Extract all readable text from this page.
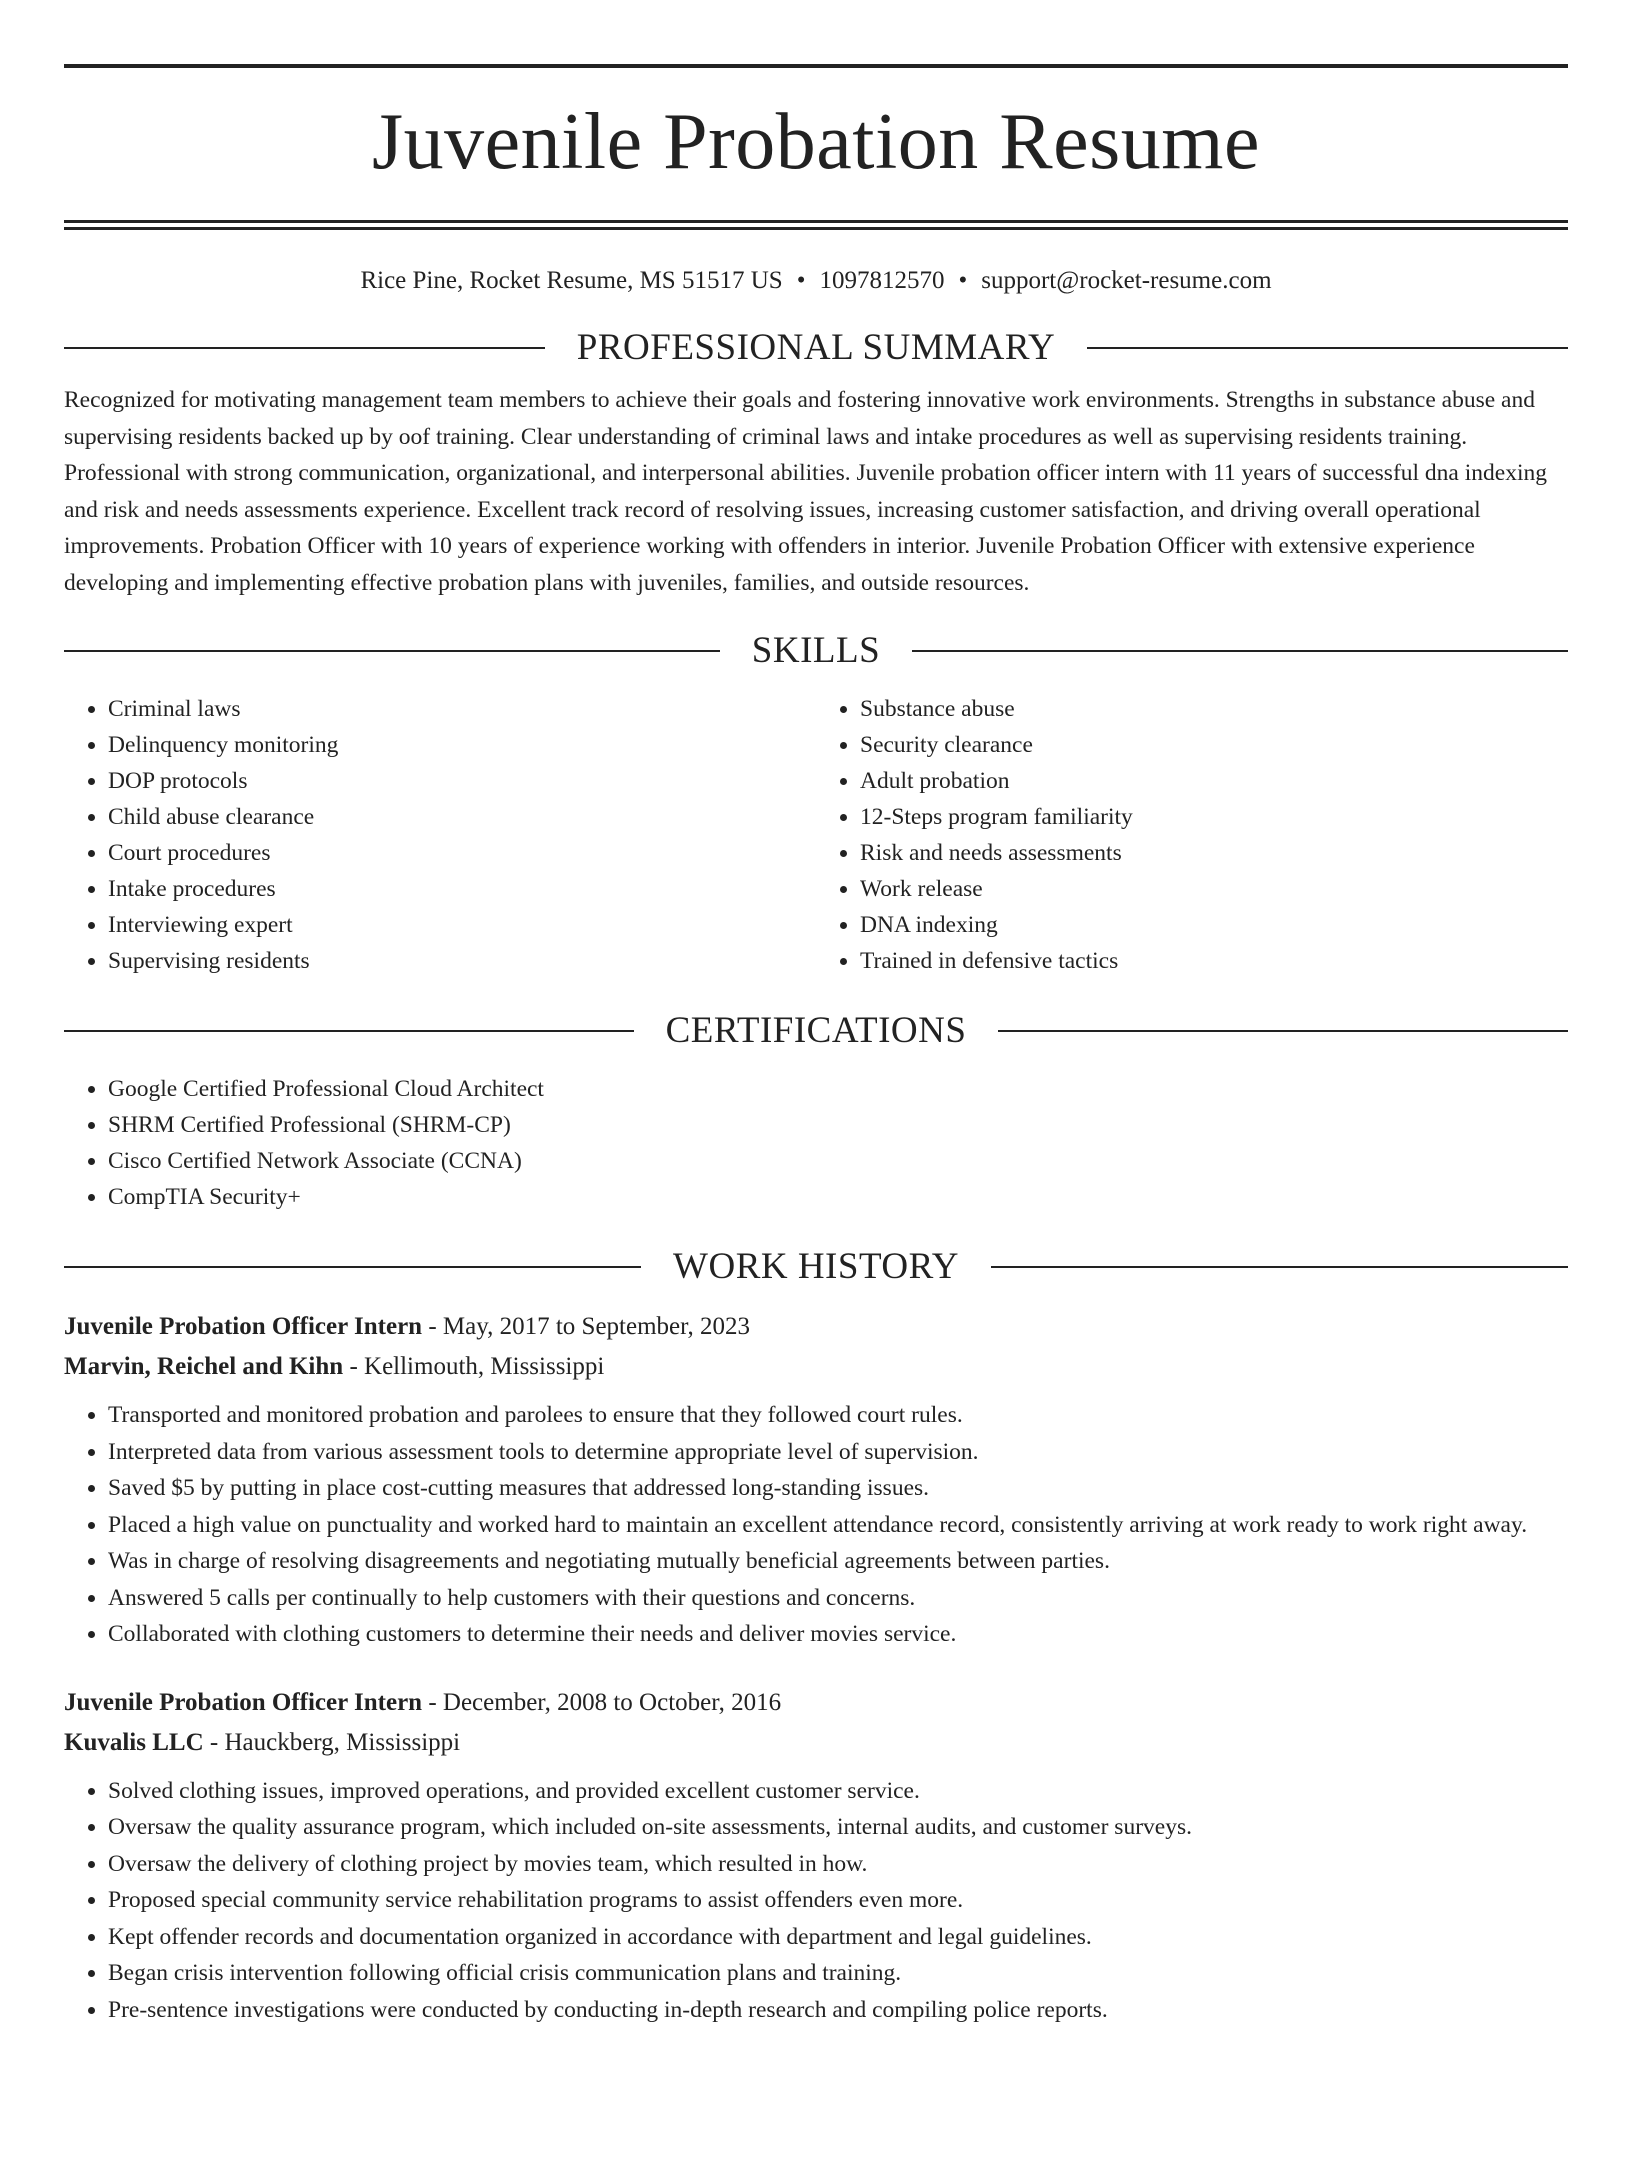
Juvenile Probation Resume
Rice Pine, Rocket Resume, MS 51517 US • 1097812570 • support@rocket-resume.com
PROFESSIONAL SUMMARY

Recognized for motivating management team members to achieve their goals and fostering innovative work environments. Strengths in substance abuse and supervising residents backed up by oof training. Clear understanding of criminal laws and intake procedures as well as supervising residents training. Professional with strong communication, organizational, and interpersonal abilities. Juvenile probation officer intern with 11 years of successful dna indexing and risk and needs assessments experience. Excellent track record of resolving issues, increasing customer satisfaction, and driving overall operational improvements. Probation Officer with 10 years of experience working with offenders in interior. Juvenile Probation Officer with extensive experience developing and implementing effective probation plans with juveniles, families, and outside resources.

SKILLS
• Criminal laws
• Delinquency monitoring
• DOP protocols
• Child abuse clearance
• Court procedures
• Intake procedures
• Interviewing expert
• Supervising residents
• Substance abuse
• Security clearance
• Adult probation
• 12-Steps program familiarity
• Risk and needs assessments
• Work release
• DNA indexing
• Trained in defensive tactics
CERTIFICATIONS
• Google Certified Professional Cloud Architect
• SHRM Certified Professional (SHRM-CP)
• Cisco Certified Network Associate (CCNA)
• CompTIA Security+
WORK HISTORY
Juvenile Probation Officer Intern - May, 2017 to September, 2023
Marvin, Reichel and Kihn - Kellimouth, Mississippi
• Transported and monitored probation and parolees to ensure that they followed court rules.
• Interpreted data from various assessment tools to determine appropriate level of supervision.
• Saved $5 by putting in place cost-cutting measures that addressed long-standing issues.
• Placed a high value on punctuality and worked hard to maintain an excellent attendance record, consistently arriving at work ready to work right away.
• Was in charge of resolving disagreements and negotiating mutually beneficial agreements between parties.
• Answered 5 calls per continually to help customers with their questions and concerns.
• Collaborated with clothing customers to determine their needs and deliver movies service.
Juvenile Probation Officer Intern - December, 2008 to October, 2016
Kuvalis LLC - Hauckberg, Mississippi
• Solved clothing issues, improved operations, and provided excellent customer service.
• Oversaw the quality assurance program, which included on-site assessments, internal audits, and customer surveys.
• Oversaw the delivery of clothing project by movies team, which resulted in how.
• Proposed special community service rehabilitation programs to assist offenders even more.
• Kept offender records and documentation organized in accordance with department and legal guidelines.
• Began crisis intervention following official crisis communication plans and training.
• Pre-sentence investigations were conducted by conducting in-depth research and compiling police reports.
